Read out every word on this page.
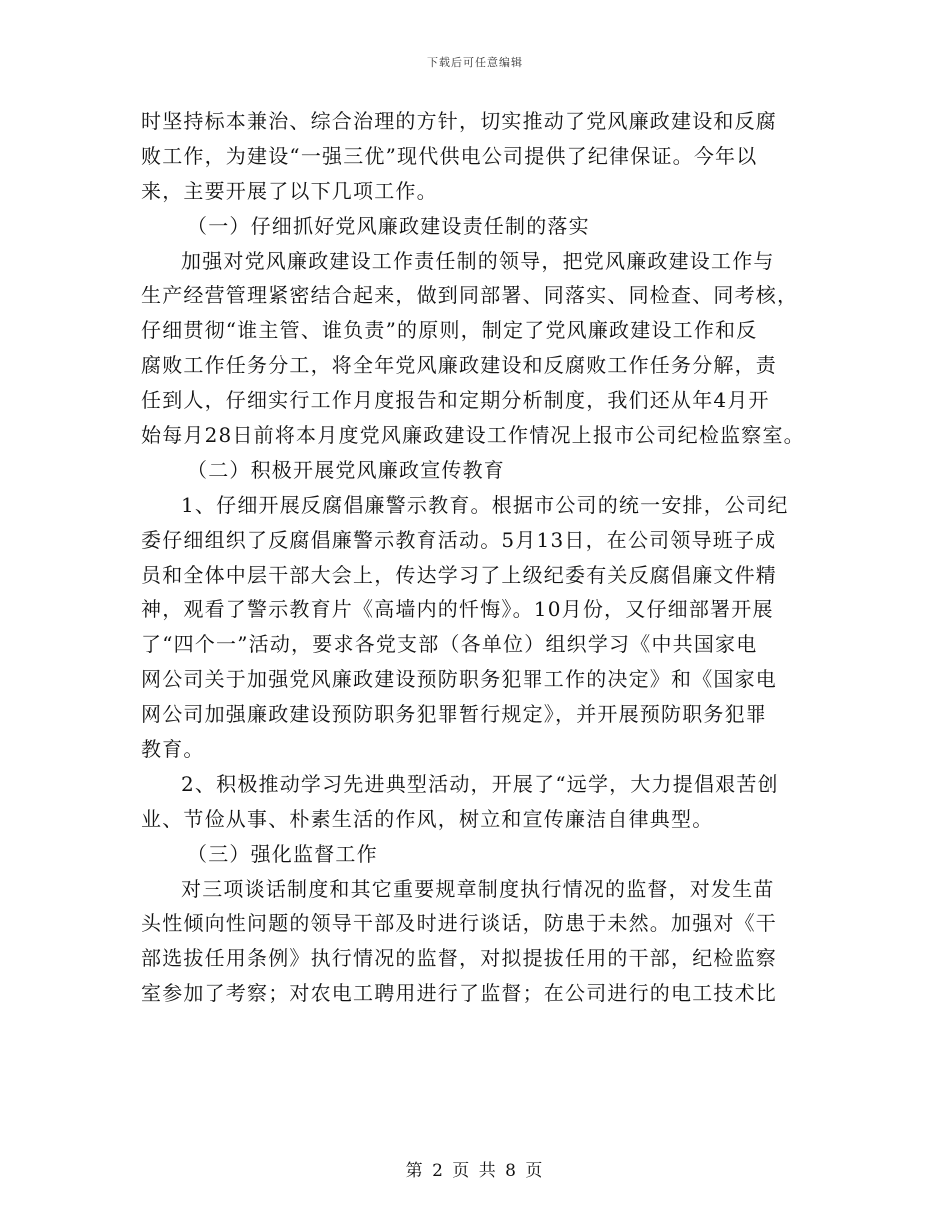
下载后可任意编辑
时坚持标本兼治、综合治理的方针，切实推动了党风廉政建设和反腐
败工作，为建设“一强三优”现代供电公司提供了纪律保证。今年以
来，主要开展了以下几项工作。
（一）仔细抓好党风廉政建设责任制的落实
加强对党风廉政建设工作责任制的领导，把党风廉政建设工作与
生产经营管理紧密结合起来，做到同部署、同落实、同检查、同考核，
仔细贯彻“谁主管、谁负责”的原则，制定了党风廉政建设工作和反
腐败工作任务分工，将全年党风廉政建设和反腐败工作任务分解，责
任到人，仔细实行工作月度报告和定期分析制度，我们还从年4月开
始每月28日前将本月度党风廉政建设工作情况上报市公司纪检监察室。
（二）积极开展党风廉政宣传教育
1、仔细开展反腐倡廉警示教育。根据市公司的统一安排，公司纪
委仔细组织了反腐倡廉警示教育活动。5月13日，在公司领导班子成
员和全体中层干部大会上，传达学习了上级纪委有关反腐倡廉文件精
神，观看了警示教育片《高墙内的忏悔》。10月份，又仔细部署开展
了“四个一”活动，要求各党支部（各单位）组织学习《中共国家电
网公司关于加强党风廉政建设预防职务犯罪工作的决定》和《国家电
网公司加强廉政建设预防职务犯罪暂行规定》，并开展预防职务犯罪
教育。
2、积极推动学习先进典型活动，开展了“远学，大力提倡艰苦创
业、节俭从事、朴素生活的作风，树立和宣传廉洁自律典型。
（三）强化监督工作
对三项谈话制度和其它重要规章制度执行情况的监督，对发生苗
头性倾向性问题的领导干部及时进行谈话，防患于未然。加强对《干
部选拔任用条例》执行情况的监督，对拟提拔任用的干部，纪检监察
室参加了考察；对农电工聘用进行了监督；在公司进行的电工技术比
第 2 页 共 8 页
